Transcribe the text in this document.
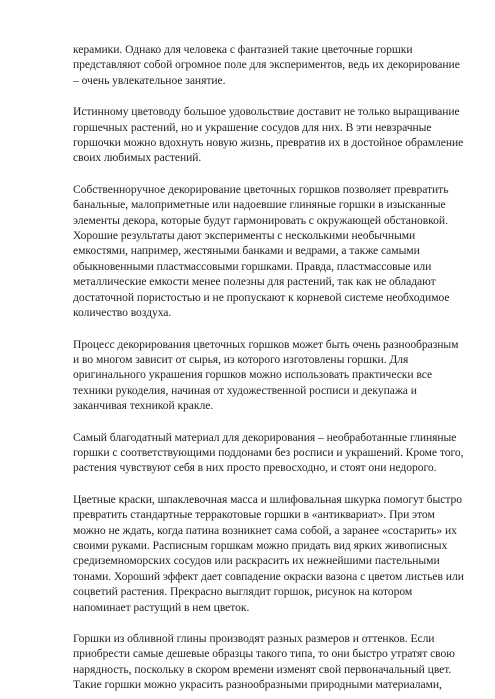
керамики. Однако для человека с фантазией такие цветочные горшки представляют собой огромное поле для экспериментов, ведь их декорирование – очень увлекательное занятие.

Истинному цветоводу большое удовольствие доставит не только выращивание горшечных растений, но и украшение сосудов для них. В эти невзрачные горшочки можно вдохнуть новую жизнь, превратив их в достойное обрамление своих любимых растений.

Собственноручное декорирование цветочных горшков позволяет превратить банальные, малоприметные или надоевшие глиняные горшки в изысканные элементы декора, которые будут гармонировать с окружающей обстановкой. Хорошие результаты дают эксперименты с несколькими необычными емкостями, например, жестяными банками и ведрами, а также самыми обыкновенными пластмассовыми горшками. Правда, пластмассовые или металлические емкости менее полезны для растений, так как не обладают достаточной пористостью и не пропускают к корневой системе необходимое количество воздуха.

Процесс декорирования цветочных горшков может быть очень разнообразным и во многом зависит от сырья, из которого изготовлены горшки. Для оригинального украшения горшков можно использовать практически все техники рукоделия, начиная от художественной росписи и декупажа и заканчивая техникой кракле.

Самый благодатный материал для декорирования – необработанные глиняные горшки с соответствующими поддонами без росписи и украшений. Кроме того, растения чувствуют себя в них просто превосходно, и стоят они недорого.

Цветные краски, шпаклевочная масса и шлифовальная шкурка помогут быстро превратить стандартные терракотовые горшки в «антиквариат». При этом можно не ждать, когда патина возникнет сама собой, а заранее «состарить» их своими руками. Расписным горшкам можно придать вид ярких живописных средиземноморских сосудов или раскрасить их нежнейшими пастельными тонами. Хороший эффект дает совпадение окраски вазона с цветом листьев или соцветий растения. Прекрасно выглядит горшок, рисунок на котором напоминает растущий в нем цветок.

Горшки из обливной глины производят разных размеров и оттенков. Если приобрести самые дешевые образцы такого типа, то они быстро утратят свою нарядность, поскольку в скором времени изменят свой первоначальный цвет. Такие горшки можно украсить разнообразными природными материалами,
